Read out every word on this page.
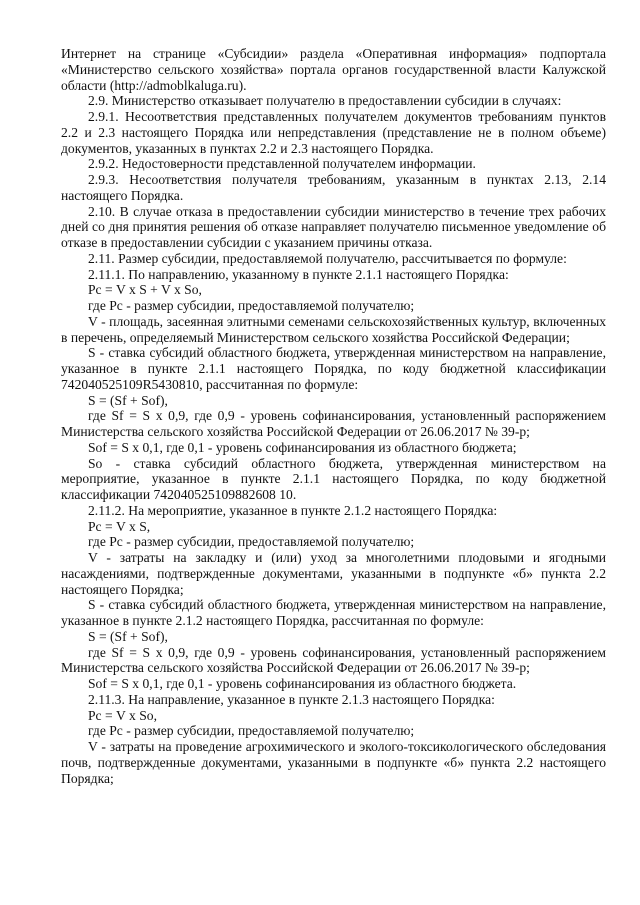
Интернет на странице «Субсидии» раздела «Оперативная информация» подпортала «Министерство сельского хозяйства» портала органов государственной власти Калужской области (http://admoblkaluga.ru).

2.9. Министерство отказывает получателю в предоставлении субсидии в случаях:

2.9.1. Несоответствия представленных получателем документов требованиям пунктов 2.2 и 2.3 настоящего Порядка или непредставления (представление не в полном объеме) документов, указанных в пунктах 2.2 и 2.3 настоящего Порядка.

2.9.2. Недостоверности представленной получателем информации.

2.9.3. Несоответствия получателя требованиям, указанным в пунктах 2.13, 2.14 настоящего Порядка.

2.10. В случае отказа в предоставлении субсидии министерство в течение трех рабочих дней со дня принятия решения об отказе направляет получателю письменное уведомление об отказе в предоставлении субсидии с указанием причины отказа.

2.11. Размер субсидии, предоставляемой получателю, рассчитывается по формуле:

2.11.1. По направлению, указанному в пункте 2.1.1 настоящего Порядка:

Рс = V х S + V х So,

где Рс - размер субсидии, предоставляемой получателю;

V - площадь, засеянная элитными семенами сельскохозяйственных культур, включенных в перечень, определяемый Министерством сельского хозяйства Российской Федерации;

S - ставка субсидий областного бюджета, утвержденная министерством на направление, указанное в пункте 2.1.1 настоящего Порядка, по коду бюджетной классификации 742040525109R5430810, рассчитанная по формуле:

S = (Sf + Sof),

где Sf = S х 0,9, где 0,9 - уровень софинансирования, установленный распоряжением Министерства сельского хозяйства Российской Федерации от 26.06.2017 № 39-р;

Sof = S х 0,1, где 0,1 - уровень софинансирования из областного бюджета;

So - ставка субсидий областного бюджета, утвержденная министерством на мероприятие, указанное в пункте 2.1.1 настоящего Порядка, по коду бюджетной классификации 742040525109882608 10.

2.11.2. На мероприятие, указанное в пункте 2.1.2 настоящего Порядка:

Рс = V х S,

где Рс - размер субсидии, предоставляемой получателю;

V - затраты на закладку и (или) уход за многолетними плодовыми и ягодными насаждениями, подтвержденные документами, указанными в подпункте «б» пункта 2.2 настоящего Порядка;

S - ставка субсидий областного бюджета, утвержденная министерством на направление, указанное в пункте 2.1.2 настоящего Порядка, рассчитанная по формуле:

S = (Sf + Sof),

где Sf = S х 0,9, где 0,9 - уровень софинансирования, установленный распоряжением Министерства сельского хозяйства Российской Федерации от 26.06.2017 № 39-р;

Sof = S х 0,1, где 0,1 - уровень софинансирования из областного бюджета.

2.11.3. На направление, указанное в пункте 2.1.3 настоящего Порядка:

Рс = V х So,

где Рс - размер субсидии, предоставляемой получателю;

V - затраты на проведение агрохимического и эколого-токсикологического обследования почв, подтвержденные документами, указанными в подпункте «б» пункта 2.2 настоящего Порядка;
